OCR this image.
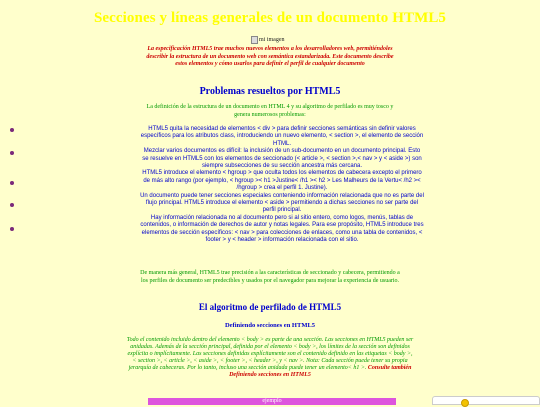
Secciones y líneas generales de un documento HTML5
mi imagen
La especificación HTML5 trae muchos nuevos elementos a los desarrolladores web, permitiéndoles describir la estructura de un documento web con semántica estandarizada. Este documento describe estos elementos y cómo usarlos para definir el perfil de cualquier documento
Problemas resueltos por HTML5
La definición de la estructura de un documento en HTML 4 y su algoritmo de perfilado es muy tosco y genera numerosos problemas:

HTML5 quita la necesidad de elementos < div > para definir secciones semánticas sin definir valores específicos para los atributos class, introduciendo un nuevo elemento, < section >, el elemento de sección HTML.

Mezclar varios documentos es difícil: la inclusión de un sub-documento en un documento principal. Esto se resuelve en HTML5 con los elementos de seccionado (< article >, < section >,< nav > y < aside >) son siempre subsecciones de su sección ancestra más cercana.

HTML5 introduce el elemento < hgroup > que oculta todos los elementos de cabecera excepto el primero de más alto rango (por ejemplo, < hgroup >< h1 >Justine< /h1 >< h2 > Les Malheurs de la Vertu< /h2 >< /hgroup > crea el perfil 1. Justine).

Un documento puede tener secciones especiales conteniendo información relacionada que no es parte del flujo principal. HTML5 introduce el elemento < aside > permitiendo a dichas secciones no ser parte del perfil principal.

Hay información relacionada no al documento pero si al sitio entero, como logos, menús, tablas de contenidos, o información de derechos de autor y notas legales. Para ese propósito, HTML5 introduce tres elementos de sección específicos: < nav > para colecciones de enlaces, como una tabla de contenidos, < footer > y < header > información relacionada con el sitio.

De manera más general, HTML5 trae precisión a las características de seccionado y cabecera, permitiendo a los perfiles de documento ser predecibles y usados por el navegador para mejorar la experiencia de usuario.
El algoritmo de perfilado de HTML5
Definiendo secciones en HTML5
Todo el contenido incluido dentro del elemento < body > es parte de una sección. Las secciones en HTML5 pueden ser anidadas. Además de la sección principal, definida por el elemento < body >, los límites de la sección son definidos explícita o implícitamente. Las secciones definidas explícitamente son el contenido definido en las etiquetas < body >, < section >, < article >, < aside >, < footer >, < header >, y < nav >. Nota: Cada sección puede tener su propia jerarquía de cabeceras. Por lo tanto, incluso una sección anidada puede tener un elemento< h1 >. Consulte también Definiendo secciones en HTML5
ejemplo
